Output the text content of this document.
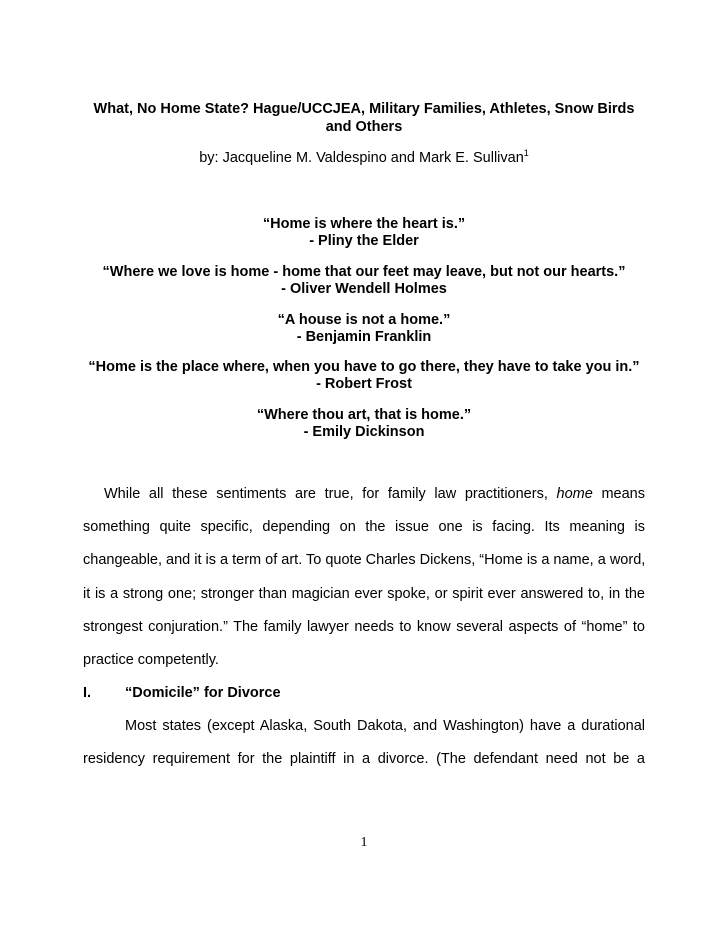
What, No Home State? Hague/UCCJEA, Military Families, Athletes, Snow Birds
and Others
by: Jacqueline M. Valdespino and Mark E. Sullivan$^1$
“Home is where the heart is.”
- Pliny the Elder
“Where we love is home - home that our feet may leave, but not our hearts.”
- Oliver Wendell Holmes
“A house is not a home.”
- Benjamin Franklin
“Home is the place where, when you have to go there, they have to take you in.”
- Robert Frost
“Where thou art, that is home.”
- Emily Dickinson
While all these sentiments are true, for family law practitioners, home means
something quite specific, depending on the issue one is facing. Its meaning is
changeable, and it is a term of art. To quote Charles Dickens, “Home is a name, a word,
it is a strong one; stronger than magician ever spoke, or spirit ever answered to, in the
strongest conjuration.” The family lawyer needs to know several aspects of “home” to
practice competently.
I. “Domicile” for Divorce
Most states (except Alaska, South Dakota, and Washington) have a durational
residency requirement for the plaintiff in a divorce. (The defendant need not be a
1
